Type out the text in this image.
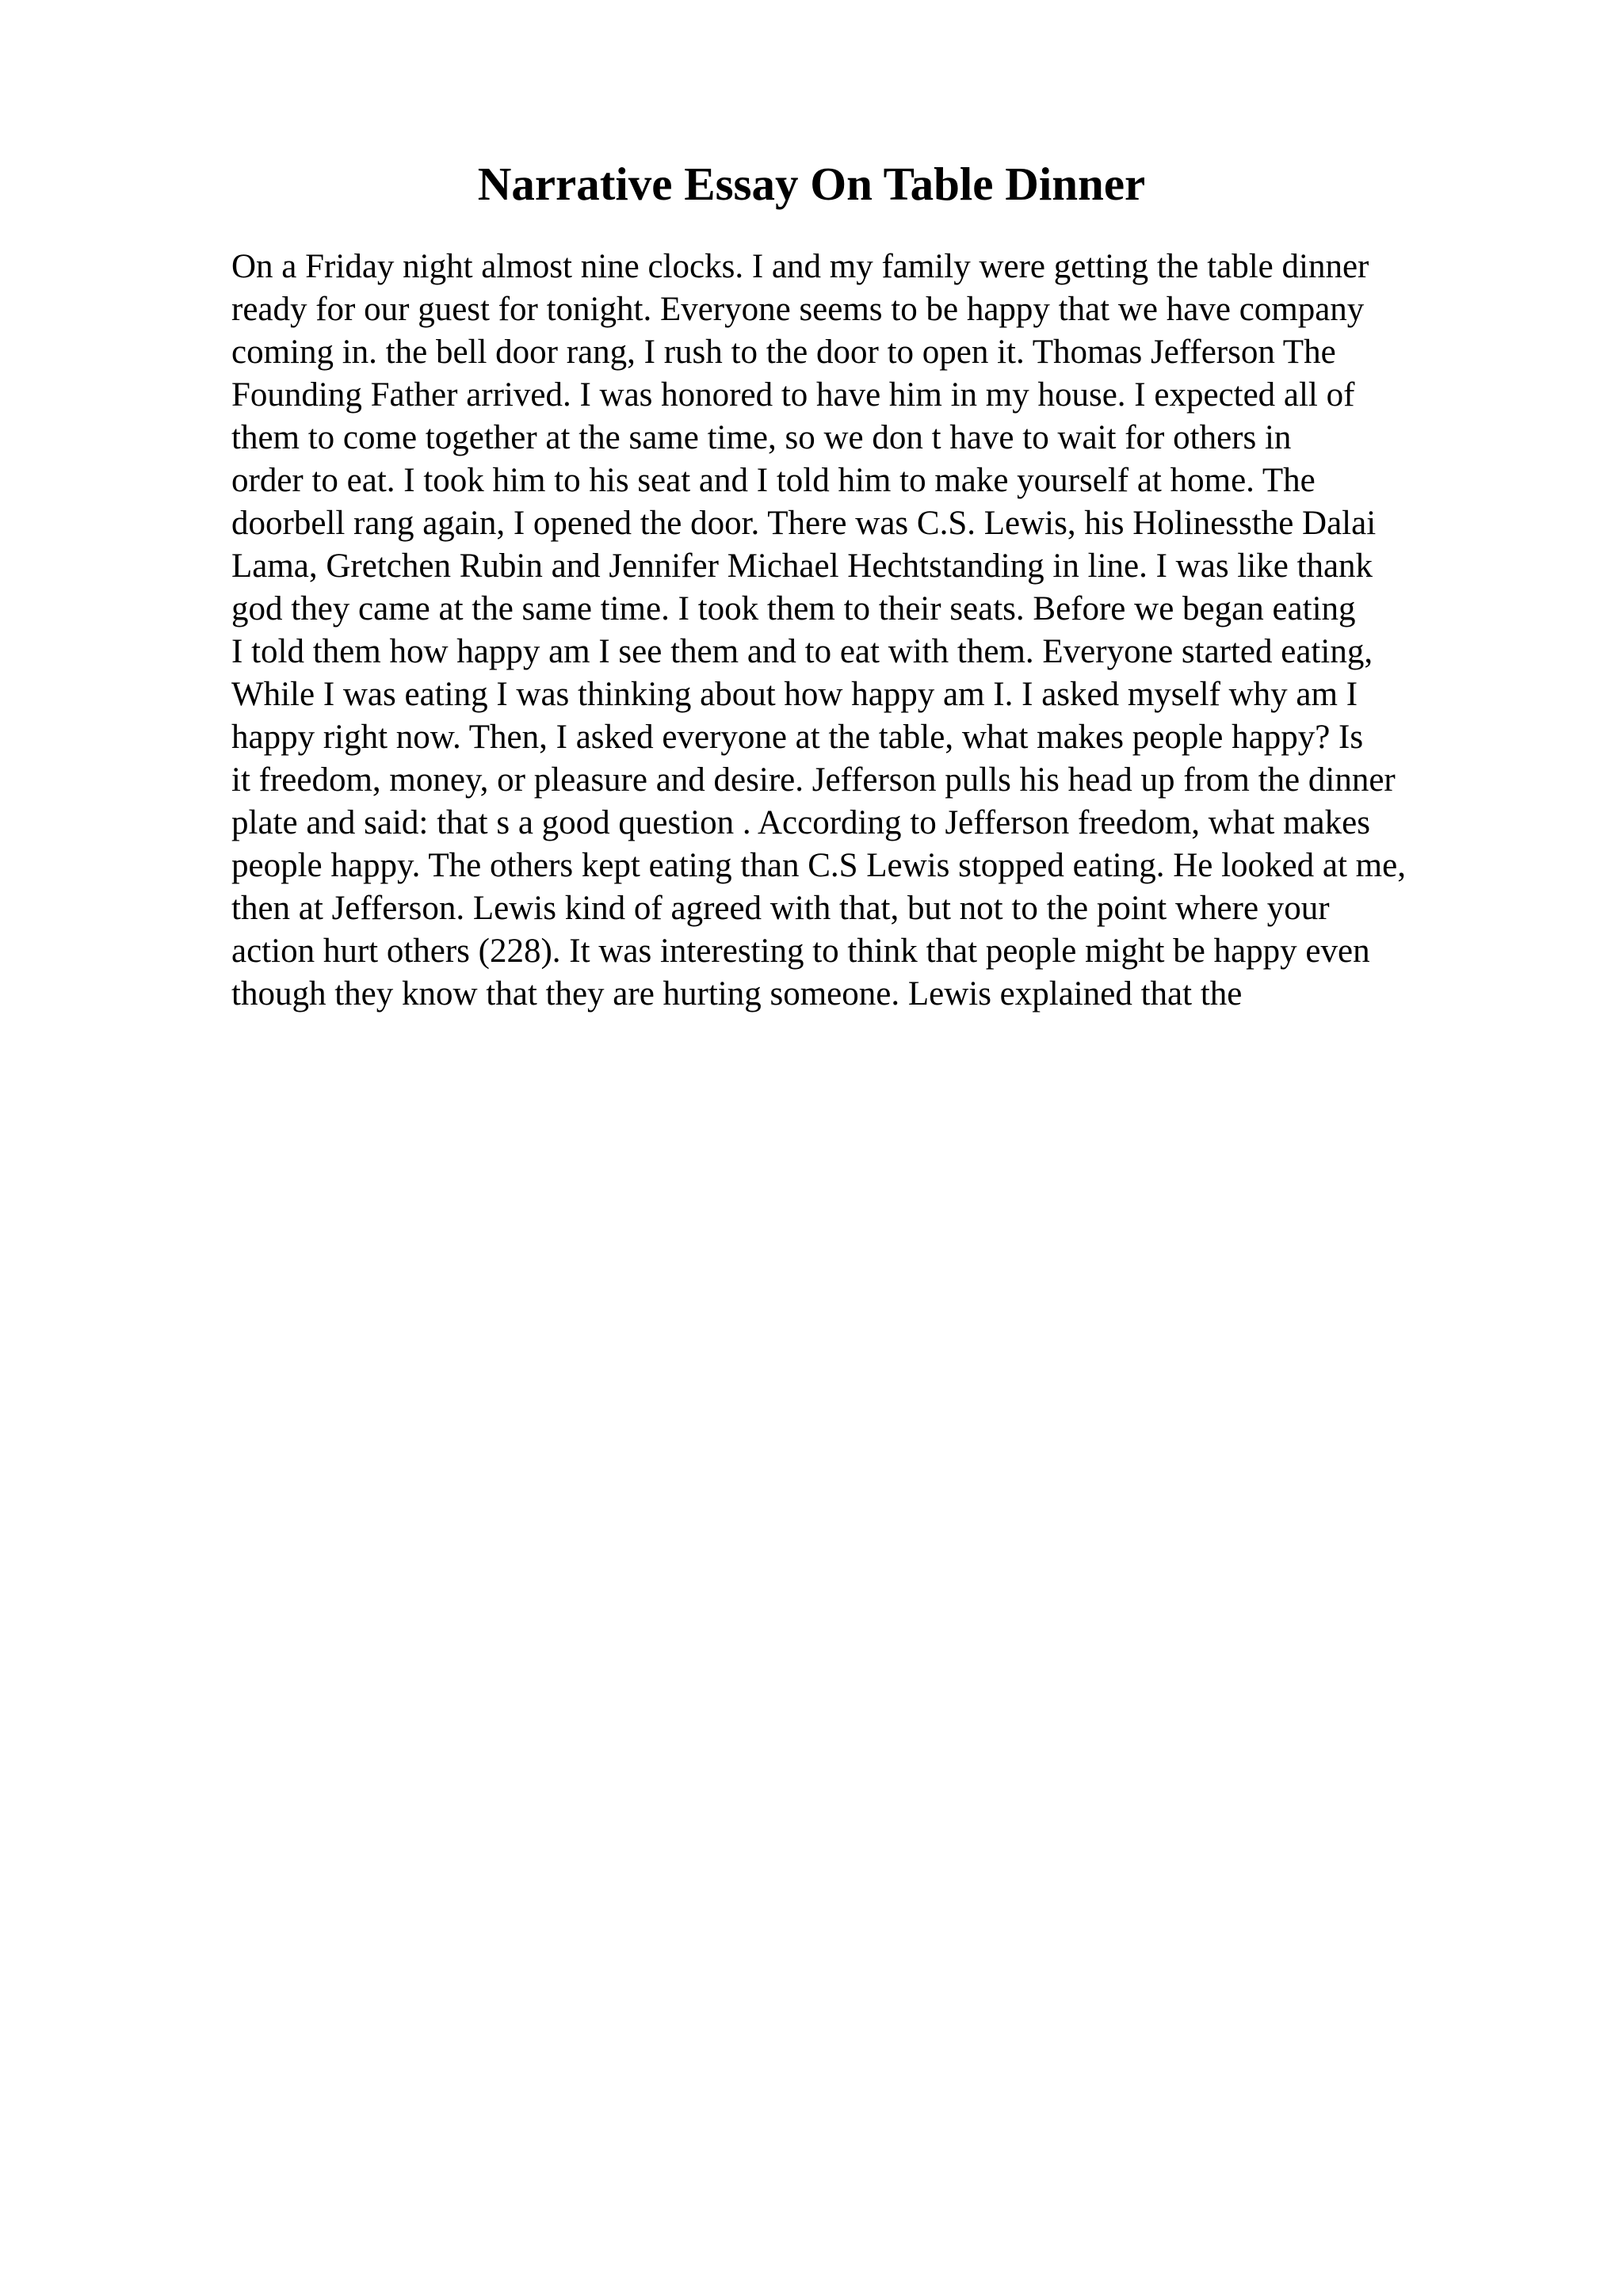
Narrative Essay On Table Dinner
On a Friday night almost nine clocks. I and my family were getting the table dinner
ready for our guest for tonight. Everyone seems to be happy that we have company
coming in. the bell door rang, I rush to the door to open it. Thomas Jefferson The
Founding Father arrived. I was honored to have him in my house. I expected all of
them to come together at the same time, so we don t have to wait for others in
order to eat. I took him to his seat and I told him to make yourself at home. The
doorbell rang again, I opened the door. There was C.S. Lewis, his Holinessthe Dalai
Lama, Gretchen Rubin and Jennifer Michael Hechtstanding in line. I was like thank
god they came at the same time. I took them to their seats. Before we began eating
I told them how happy am I see them and to eat with them. Everyone started eating,
While I was eating I was thinking about how happy am I. I asked myself why am I
happy right now. Then, I asked everyone at the table, what makes people happy? Is
it freedom, money, or pleasure and desire. Jefferson pulls his head up from the dinner
plate and said: that s a good question . According to Jefferson freedom, what makes
people happy. The others kept eating than C.S Lewis stopped eating. He looked at me,
then at Jefferson. Lewis kind of agreed with that, but not to the point where your
action hurt others (228). It was interesting to think that people might be happy even
though they know that they are hurting someone. Lewis explained that the
